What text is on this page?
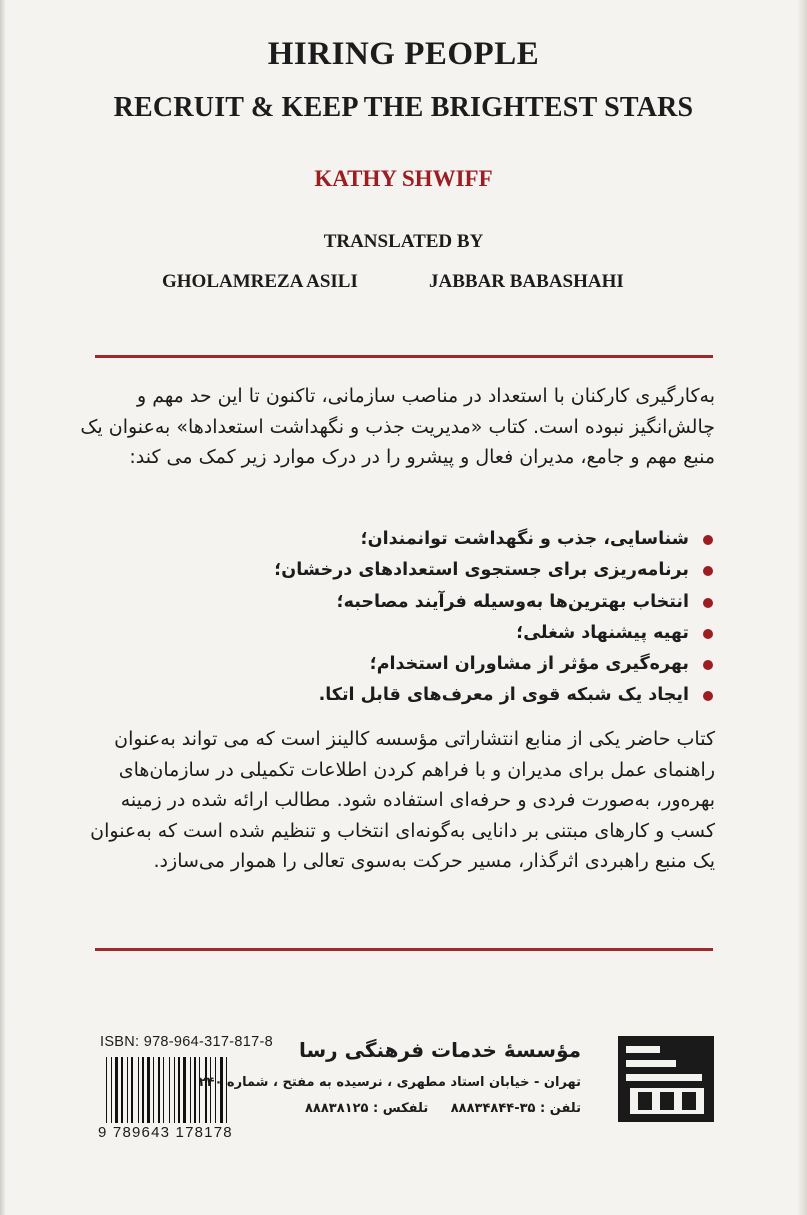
HIRING PEOPLE
RECRUIT & KEEP THE BRIGHTEST STARS
KATHY SHWIFF
TRANSLATED BY
GHOLAMREZA ASILI	JABBAR BABASHAHI

به‌کارگیری کارکنان با استعداد در مناصب سازمانی، تاکنون تا این حد مهم و چالش‌انگیز نبوده است. کتاب «مدیریت جذب و نگهداشت استعدادها» به‌عنوان یک منبع مهم و جامع، مدیران فعال و پیشرو را در درک موارد زیر کمک می کند:

شناسایی، جذب و نگهداشت توانمندان؛
برنامه‌ریزی برای جستجوی استعدادهای درخشان؛
انتخاب بهترین‌ها به‌وسیله فرآیند مصاحبه؛
تهیه پیشنهاد شغلی؛
بهره‌گیری مؤثر از مشاوران استخدام؛
ایجاد یک شبکه قوی از معرف‌های قابل اتکا.

کتاب حاضر یکی از منابع انتشاراتی مؤسسه کالینز است که می تواند به‌عنوان راهنمای عمل برای مدیران و با فراهم کردن اطلاعات تکمیلی در سازمان‌های بهره‌ور، به‌صورت فردی و حرفه‌ای استفاده شود. مطالب ارائه شده در زمینه کسب و کارهای مبتنی بر دانایی به‌گونه‌ای انتخاب و تنظیم شده است که به‌عنوان یک منبع راهبردی اثرگذار، مسیر حرکت به‌سوی تعالی را هموار می‌سازد.

ISBN: 978-964-317-817-8
9 789643 178178
مؤسسهٔ خدمات فرهنگی رسا
تهران - خیابان استاد مطهری ، نرسیده به مفتح ، شماره ۲۴۰
تلفن : ۳۵-۸۸۸۳۴۸۴۴ تلفکس : ۸۸۸۳۸۱۲۵
